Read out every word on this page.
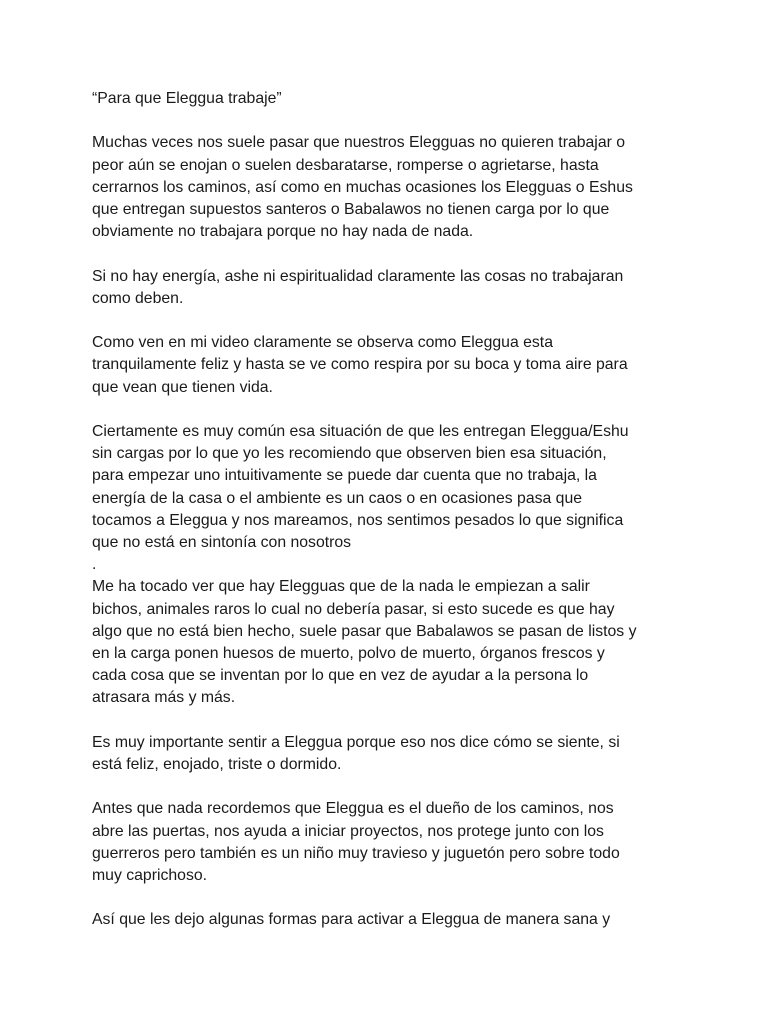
“Para que Eleggua trabaje”

Muchas veces nos suele pasar que nuestros Elegguas no quieren trabajar o
peor aún se enojan o suelen desbaratarse, romperse o agrietarse, hasta
cerrarnos los caminos, así como en muchas ocasiones los Elegguas o Eshus
que entregan supuestos santeros o Babalawos no tienen carga por lo que
obviamente no trabajara porque no hay nada de nada.

Si no hay energía, ashe ni espiritualidad claramente las cosas no trabajaran
como deben.

Como ven en mi video claramente se observa como Eleggua esta
tranquilamente feliz y hasta se ve como respira por su boca y toma aire para
que vean que tienen vida.

Ciertamente es muy común esa situación de que les entregan Eleggua/Eshu
sin cargas por lo que yo les recomiendo que observen bien esa situación,
para empezar uno intuitivamente se puede dar cuenta que no trabaja, la
energía de la casa o el ambiente es un caos o en ocasiones pasa que
tocamos a Eleggua y nos mareamos, nos sentimos pesados lo que significa
que no está en sintonía con nosotros
.

Me ha tocado ver que hay Elegguas que de la nada le empiezan a salir
bichos, animales raros lo cual no debería pasar, si esto sucede es que hay
algo que no está bien hecho, suele pasar que Babalawos se pasan de listos y
en la carga ponen huesos de muerto, polvo de muerto, órganos frescos y
cada cosa que se inventan por lo que en vez de ayudar a la persona lo
atrasara más y más.

Es muy importante sentir a Eleggua porque eso nos dice cómo se siente, si
está feliz, enojado, triste o dormido.

Antes que nada recordemos que Eleggua es el dueño de los caminos, nos
abre las puertas, nos ayuda a iniciar proyectos, nos protege junto con los
guerreros pero también es un niño muy travieso y juguetón pero sobre todo
muy caprichoso.

Así que les dejo algunas formas para activar a Eleggua de manera sana y
